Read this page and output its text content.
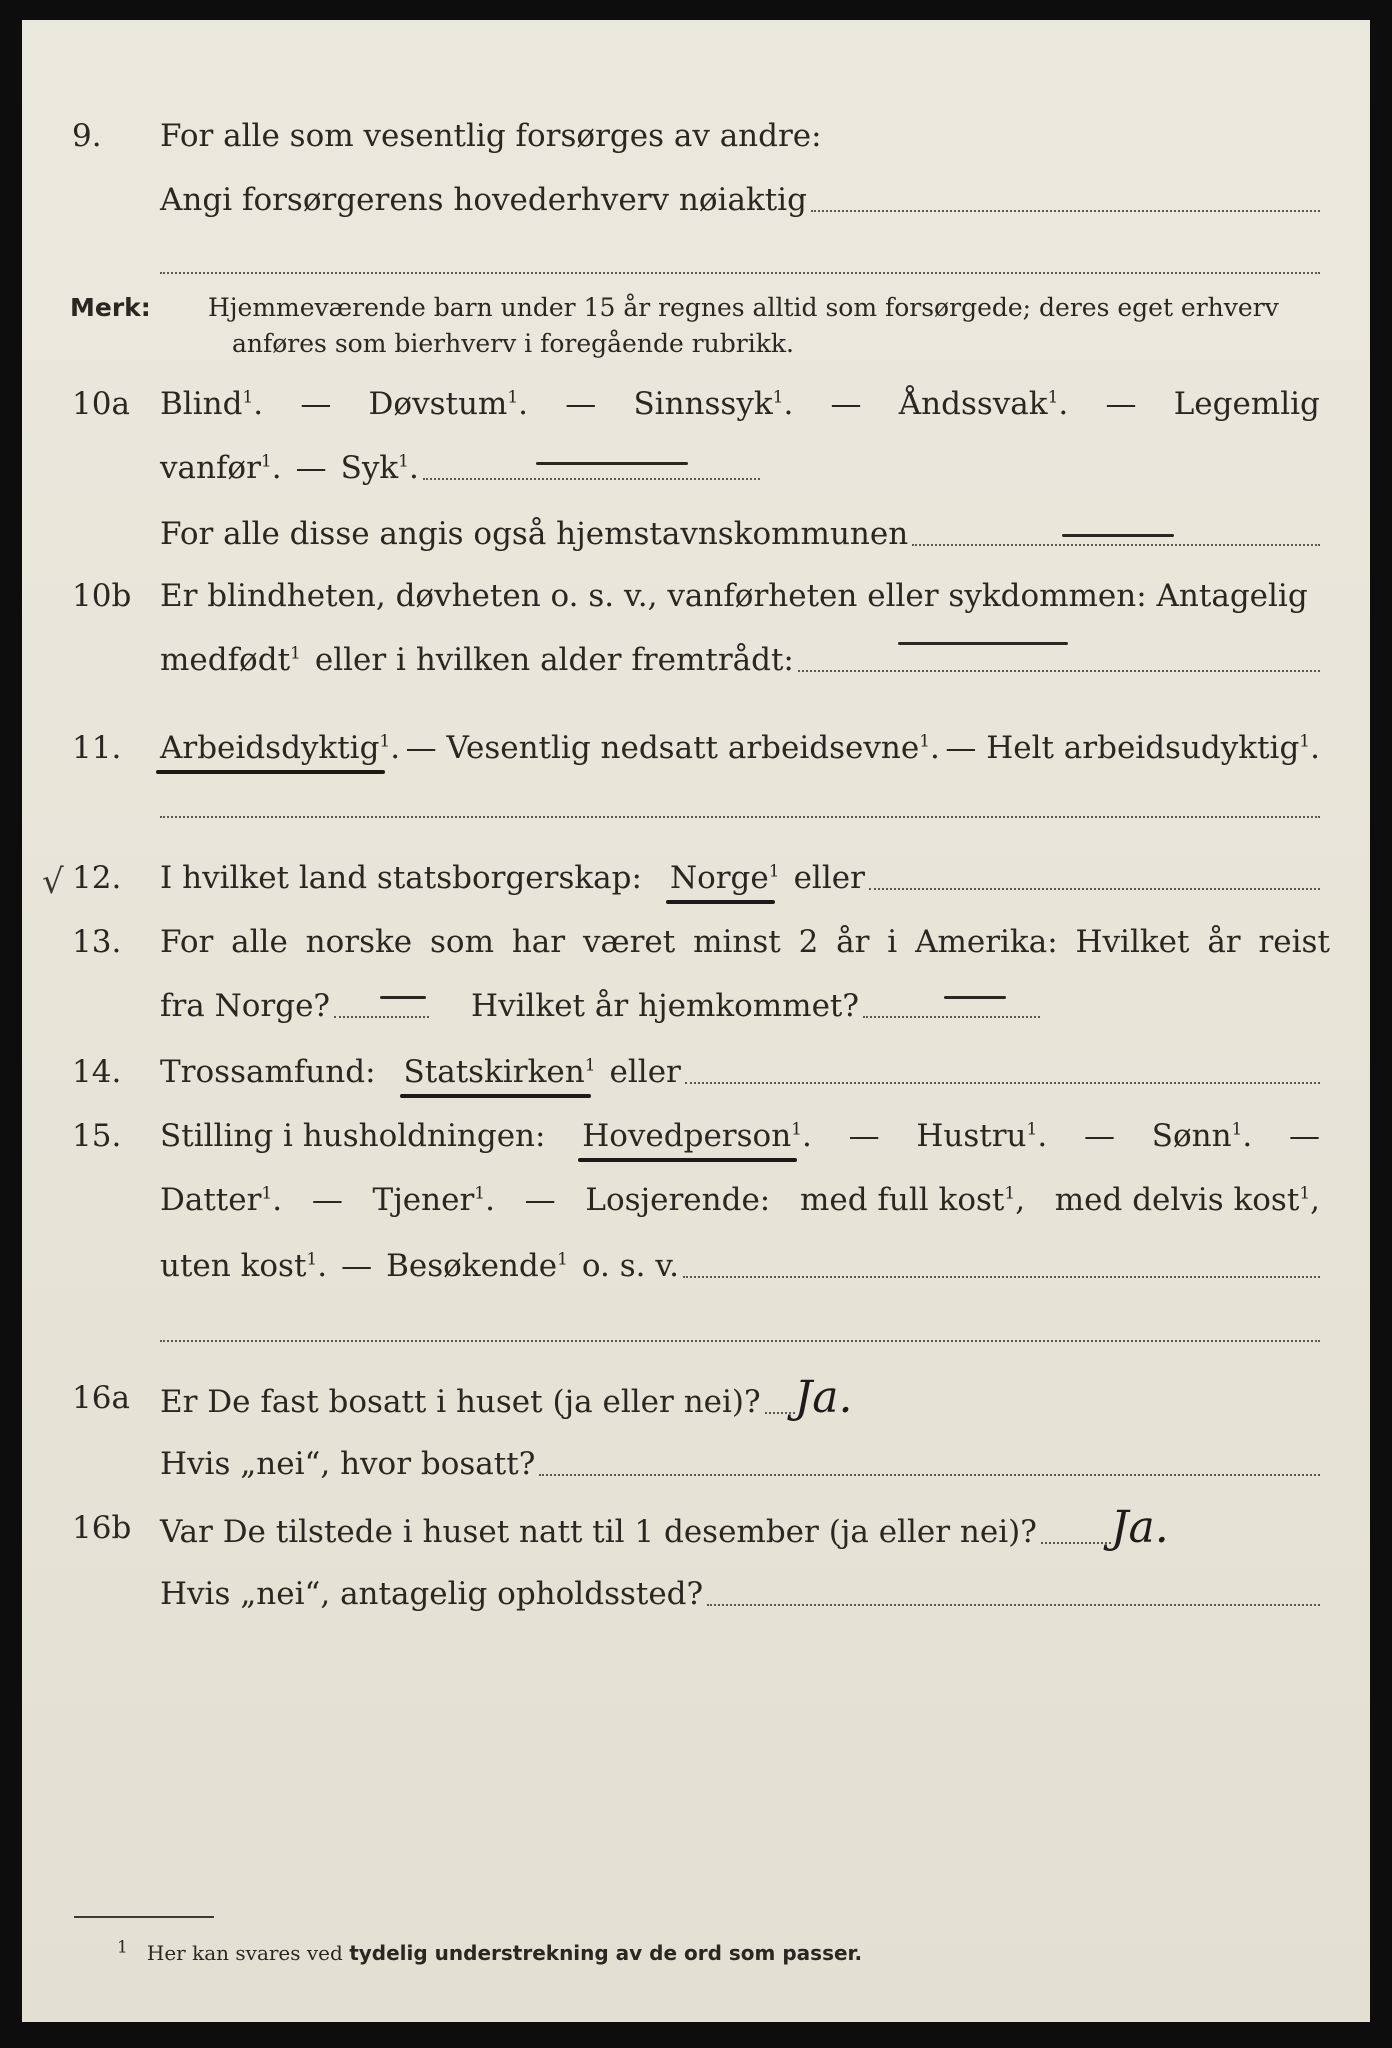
9. For alle som vesentlig forsørges av andre:
Angi forsørgerens hovederhverv nøiaktig
Merk: Hjemmeværende barn under 15 år regnes alltid som forsørgede; deres eget erhverv
anføres som bierhverv i foregående rubrikk.
10a Blind$^1$. — Døvstum$^1$. — Sinnssyk$^1$. — Åndssvak$^1$. — Legemlig
vanfør$^1$. — Syk$^1$.
For alle disse angis også hjemstavnskommunen
10b Er blindheten, døvheten o. s. v., vanførheten eller sykdommen: Antagelig
medfødt$^1$ eller i hvilken alder fremtrådt:
11. Arbeidsdyktig$^1$. — Vesentlig nedsatt arbeidsevne$^1$. — Helt arbeidsudyktig$^1$.
√ 12. I hvilket land statsborgerskap: Norge$^1$ eller
13. For alle norske som har været minst 2 år i Amerika: Hvilket år reist
fra Norge?	Hvilket år hjemkommet?
14. Trossamfund: Statskirken$^1$ eller
15. Stilling i husholdningen: Hovedperson$^1$. — Hustru$^1$. — Sønn$^1$. —
Datter$^1$. — Tjener$^1$. — Losjerende: med full kost$^1$, med delvis kost$^1$,
uten kost$^1$. — Besøkende$^1$ o. s. v.
16a Er De fast bosatt i huset (ja eller nei)? Ja.
Hvis „nei“, hvor bosatt?
16b Var De tilstede i huset natt til 1 desember (ja eller nei)? Ja.
Hvis „nei“, antagelig opholdssted?
$^1$ Her kan svares ved tydelig understrekning av de ord som passer.
